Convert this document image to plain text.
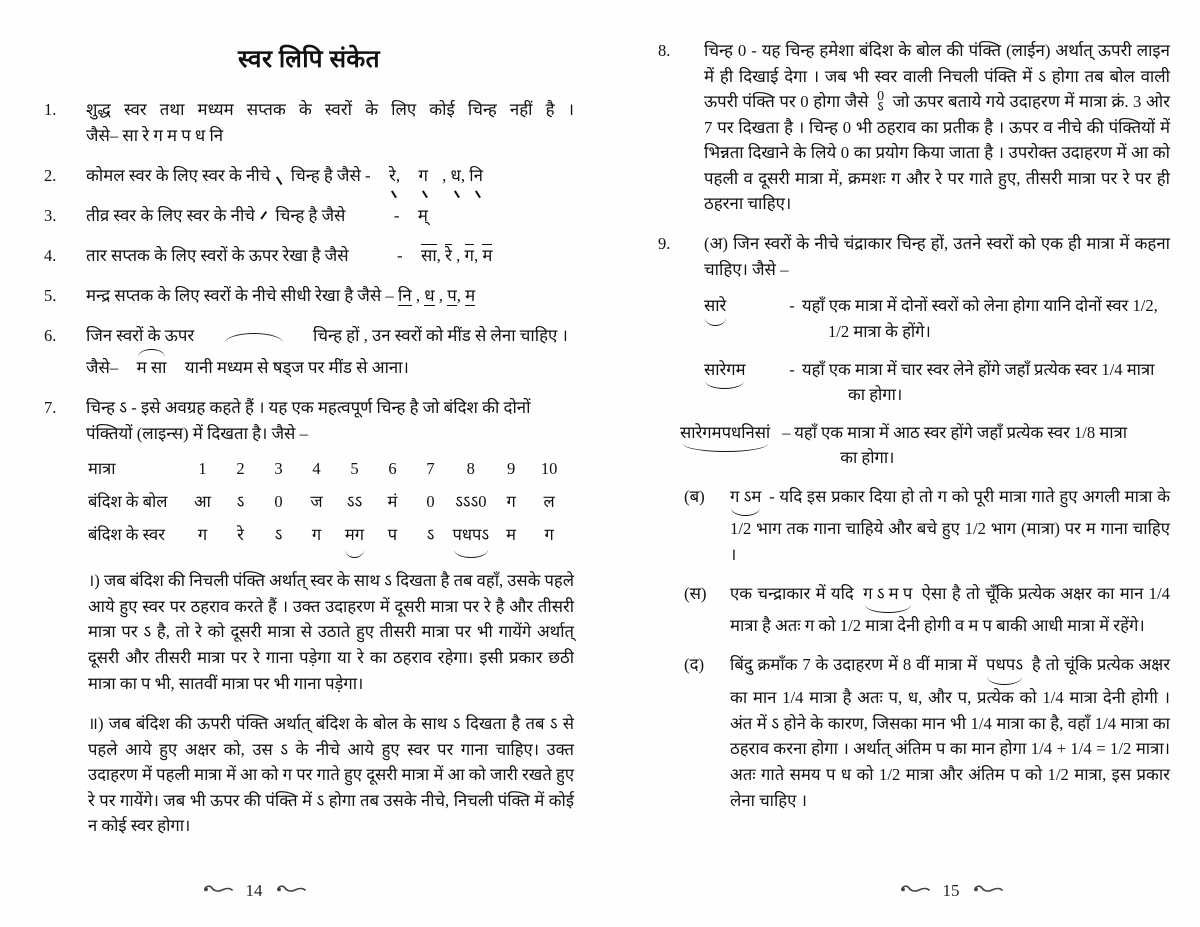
स्वर लिपि संकेत
1.	शुद्ध स्वर तथा मध्यम सप्तक के स्वरों के लिए कोई चिन्ह नहीं है ।
जैसे– सा रे ग म प ध नि
2.	कोमल स्वर के लिए स्वर के नीचे चिन्ह है जैसे - रे,  ग , ध, नि
3.	तीव्र स्वर के लिए स्वर के नीचे चिन्ह है जैसे	- म्
4.	तार सप्तक के लिए स्वरों के ऊपर रेखा है जैसे	- सा, रे , ग, म
5.	मन्द्र सप्तक के लिए स्वरों के नीचे सीधी रेखा है जैसे – नि , ध , प, म
6.	जिन स्वरों के ऊपर	चिन्ह हों , उन स्वरों को मींड से लेना चाहिए ।
जैसे– म सा यानी मध्यम से षड्ज पर मींड से आना।
7.	चिन्ह ऽ - इसे अवग्रह कहते हैं । यह एक महत्वपूर्ण चिन्ह है जो बंदिश की दोनों
पंक्तियों (लाइन्स) में दिखता है। जैसे –
मात्रा	1	2	3	4	5	6	7	8	9	10
बंदिश के बोल	आ	ऽ	0	ज	ऽऽ	मं	0	ऽऽऽ0	ग	ल
बंदिश के स्वर	ग	रे	ऽ	ग	मग	प	ऽ	पधपऽ	म	ग
।) जब बंदिश की निचली पंक्ति अर्थात् स्वर के साथ ऽ दिखता है तब वहाँ, उसके पहले आये हुए स्वर पर ठहराव करते हैं । उक्त उदाहरण में दूसरी मात्रा पर रे है और तीसरी मात्रा पर ऽ है, तो रे को दूसरी मात्रा से उठाते हुए तीसरी मात्रा पर भी गायेंगे अर्थात् दूसरी और तीसरी मात्रा पर रे गाना पड़ेगा या रे का ठहराव रहेगा। इसी प्रकार छठी मात्रा का प भी, सातवीं मात्रा पर भी गाना पड़ेगा।
॥) जब बंदिश की ऊपरी पंक्ति अर्थात् बंदिश के बोल के साथ ऽ दिखता है तब ऽ से पहले आये हुए अक्षर को, उस ऽ के नीचे आये हुए स्वर पर गाना चाहिए। उक्त उदाहरण में पहली मात्रा में आ को ग पर गाते हुए दूसरी मात्रा में आ को जारी रखते हुए रे पर गायेंगे। जब भी ऊपर की पंक्ति में ऽ होगा तब उसके नीचे, निचली पंक्ति में कोई न कोई स्वर होगा।
14
8.	चिन्ह 0 - यह चिन्ह हमेशा बंदिश के बोल की पंक्ति (लाईन) अर्थात् ऊपरी लाइन में ही दिखाई देगा । जब भी स्वर वाली निचली पंक्ति में ऽ होगा तब बोल वाली ऊपरी पंक्ति पर 0 होगा जैसे 0
ऽ जो ऊपर बताये गये उदाहरण में मात्रा क्रं. 3 ओर 7 पर दिखता है । चिन्ह 0 भी ठहराव का प्रतीक है । ऊपर व नीचे की पंक्तियों में भिन्नता दिखाने के लिये 0 का प्रयोग किया जाता है । उपरोक्त उदाहरण में आ को पहली व दूसरी मात्रा में, क्रमशः ग और रे पर गाते हुए, तीसरी मात्रा पर रे पर ही ठहरना चाहिए।
9.	(अ) जिन स्वरों के नीचे चंद्राकार चिन्ह हों, उतने स्वरों को एक ही मात्रा में कहना चाहिए। जैसे –
सारे	- यहाँ एक मात्रा में दोनों स्वरों को लेना होगा यानि दोनों स्वर 1/2,
1/2 मात्रा के होंगे।
सारेगम	- यहाँ एक मात्रा में चार स्वर लेने होंगे जहाँ प्रत्येक स्वर 1/4 मात्रा
का होगा।
सारेगमपधनिसां – यहाँ एक मात्रा में आठ स्वर होंगे जहाँ प्रत्येक स्वर 1/8 मात्रा
का होगा।
(ब)	ग ऽम - यदि इस प्रकार दिया हो तो ग को पूरी मात्रा गाते हुए अगली मात्रा के 1/2 भाग तक गाना चाहिये और बचे हुए 1/2 भाग (मात्रा) पर म गाना चाहिए ।
(स)	एक चन्द्राकार में यदि ग ऽ म प ऐसा है तो चूँकि प्रत्येक अक्षर का मान 1/4 मात्रा है अतः ग को 1/2 मात्रा देनी होगी व म प बाकी आधी मात्रा में रहेंगे।
(द)	बिंदु क्रमाँक 7 के उदाहरण में 8 वीं मात्रा में पधपऽ है तो चूंकि प्रत्येक अक्षर का मान 1/4 मात्रा है अतः प, ध, और प, प्रत्येक को 1/4 मात्रा देनी होगी । अंत में ऽ होने के कारण, जिसका मान भी 1/4 मात्रा का है, वहाँ 1/4 मात्रा का ठहराव करना होगा । अर्थात् अंतिम प का मान होगा 1/4 + 1/4 = 1/2 मात्रा। अतः गाते समय प ध को 1/2 मात्रा और अंतिम प को 1/2 मात्रा, इस प्रकार लेना चाहिए ।
15
